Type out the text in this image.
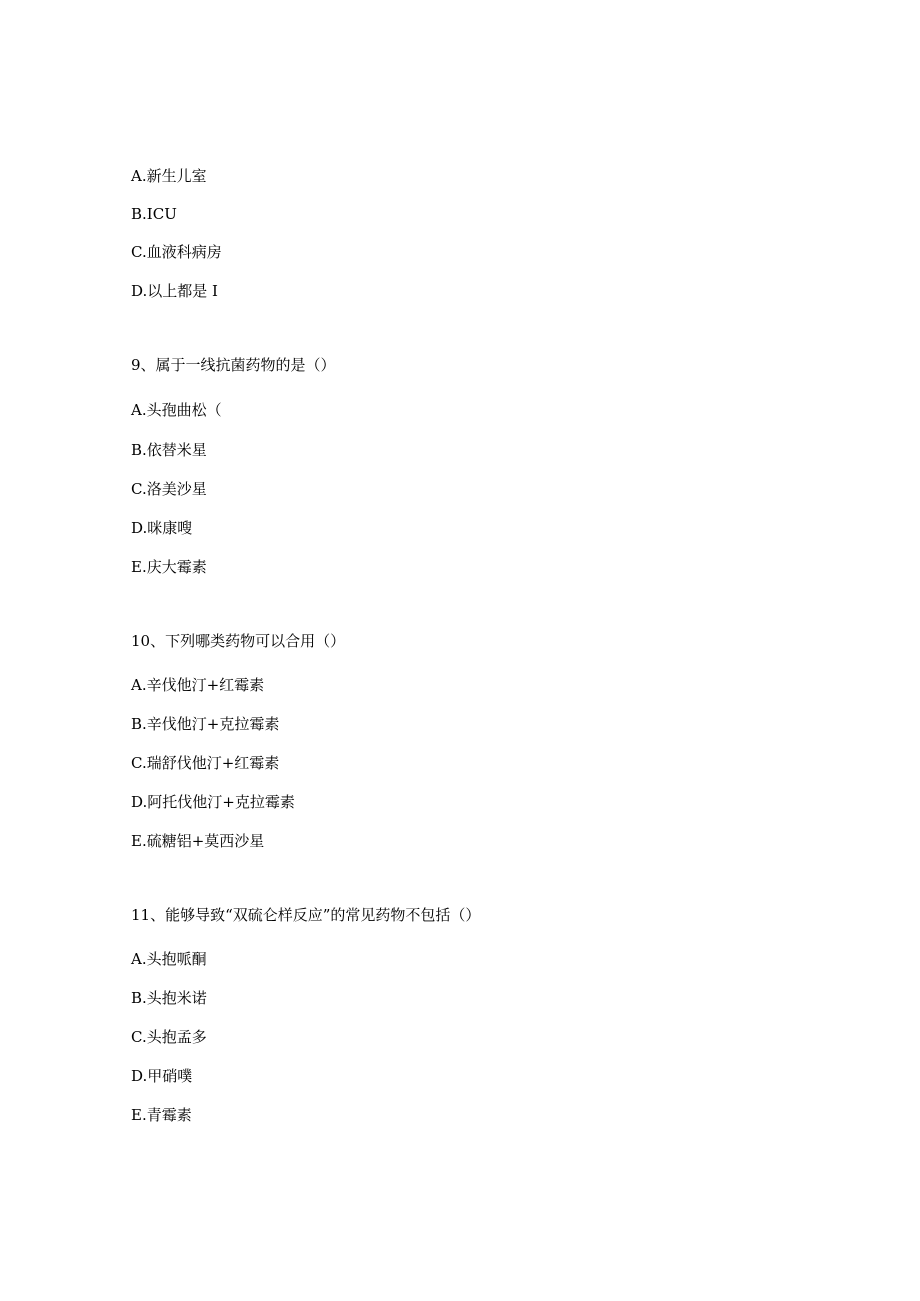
A.新生儿室
B.ICU
C.血液科病房
D.以上都是 I
9、属于一线抗菌药物的是（）
A.头孢曲松（
B.依替米星
C.洛美沙星
D.咪康嗖
E.庆大霉素
10、下列哪类药物可以合用（）
A.辛伐他汀+红霉素
B.辛伐他汀+克拉霉素
C.瑞舒伐他汀+红霉素
D.阿托伐他汀+克拉霉素
E.硫糖铝+莫西沙星
11、能够导致“双硫仑样反应”的常见药物不包括（）
A.头抱哌酮
B.头抱米诺
C.头抱孟多
D.甲硝噗
E.青霉素
